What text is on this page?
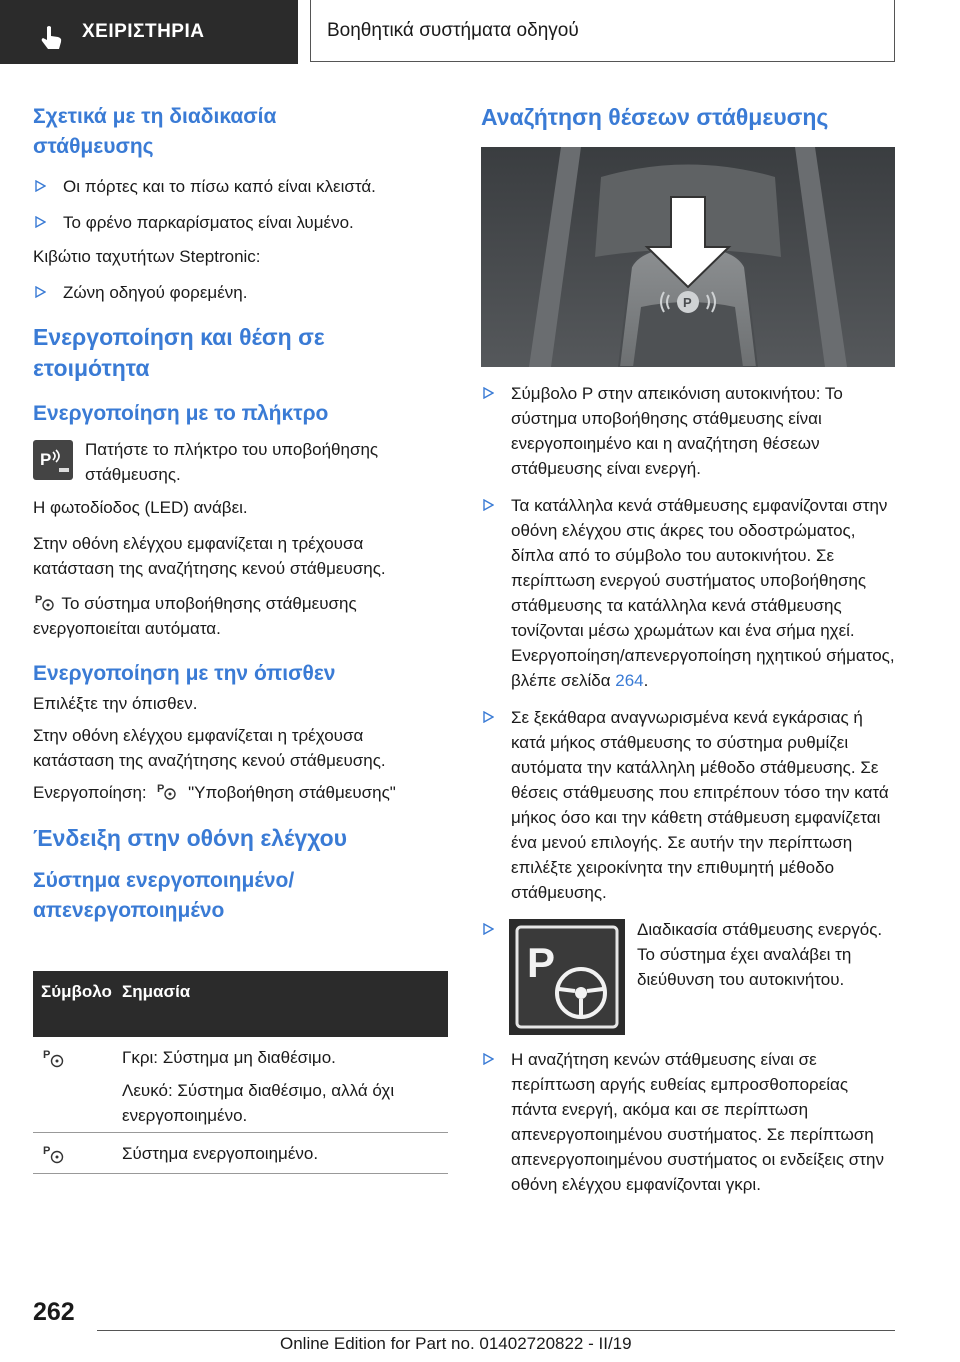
ΧΕΙΡΙΣΤΗΡΙΑ	Βοηθητικά συστήματα οδηγού
Σχετικά με τη διαδικασία στάθμευσης
Οι πόρτες και το πίσω καπό είναι κλειστά.
Το φρένο παρκαρίσματος είναι λυμένο.

Κιβώτιο ταχυτήτων Steptronic:

Ζώνη οδηγού φορεμένη.
Ενεργοποίηση και θέση σε ετοιμότητα
Ενεργοποίηση με το πλήκτρο
P
Πατήστε το πλήκτρο του υποβοήθησης στάθμευσης.

Η φωτοδίοδος (LED) ανάβει.

Στην οθόνη ελέγχου εμφανίζεται η τρέχουσα κατάσταση της αναζήτησης κενού στάθμευσης.

P Το σύστημα υποβοήθησης στάθμευσης ενεργοποιείται αυτόματα.

Ενεργοποίηση με την όπισθεν

Επιλέξτε την όπισθεν.

Στην οθόνη ελέγχου εμφανίζεται η τρέχουσα κατάσταση της αναζήτησης κενού στάθμευσης.

Ενεργοποίηση: P "Υποβοήθηση στάθμευσης"

Ένδειξη στην οθόνη ελέγχου
Σύστημα ενεργοποιημένο/ απενεργοποιημένο
Σύμβολο Σημασία
P	Γκρι: Σύστημα μη διαθέσιμο.
Λευκό: Σύστημα διαθέσιμο, αλλά όχι ενεργοποιημένο.
P	Σύστημα ενεργοποιημένο.
Αναζήτηση θέσεων στάθμευσης
P
Σύμβολο P στην απεικόνιση αυτοκινήτου: Το σύστημα υποβοήθησης στάθμευσης είναι ενεργοποιημένο και η αναζήτηση θέσεων στάθμευσης είναι ενεργή.
Τα κατάλληλα κενά στάθμευσης εμφανίζονται στην οθόνη ελέγχου στις άκρες του οδοστρώματος, δίπλα από το σύμβολο του αυτοκινήτου. Σε περίπτωση ενεργού συστήματος υποβοήθησης στάθμευσης τα κατάλληλα κενά στάθμευσης τονίζονται μέσω χρωμάτων και ένα σήμα ηχεί. Ενεργοποίηση/απενεργοποίηση ηχητικού σήματος, βλέπε σελίδα 264.
Σε ξεκάθαρα αναγνωρισμένα κενά εγκάρσιας ή κατά μήκος στάθμευσης το σύστημα ρυθμίζει αυτόματα την κατάλληλη μέθοδο στάθμευσης. Σε θέσεις στάθμευσης που επιτρέπουν τόσο την κατά μήκος όσο και την κάθετη στάθμευση εμφανίζεται ένα μενού επιλογής. Σε αυτήν την περίπτωση επιλέξτε χειροκίνητα την επιθυμητή μέθοδο στάθμευσης.
P
Διαδικασία στάθμευσης ενεργός. Το σύστημα έχει αναλάβει τη διεύθυνση του αυτοκινήτου.
Η αναζήτηση κενών στάθμευσης είναι σε περίπτωση αργής ευθείας εμπροσθοπορείας πάντα ενεργή, ακόμα και σε περίπτωση απενεργοποιημένου συστήματος. Σε περίπτωση απενεργοποιημένου συστήματος οι ενδείξεις στην οθόνη ελέγχου εμφανίζονται γκρι.
262
Online Edition for Part no. 01402720822 - II/19
